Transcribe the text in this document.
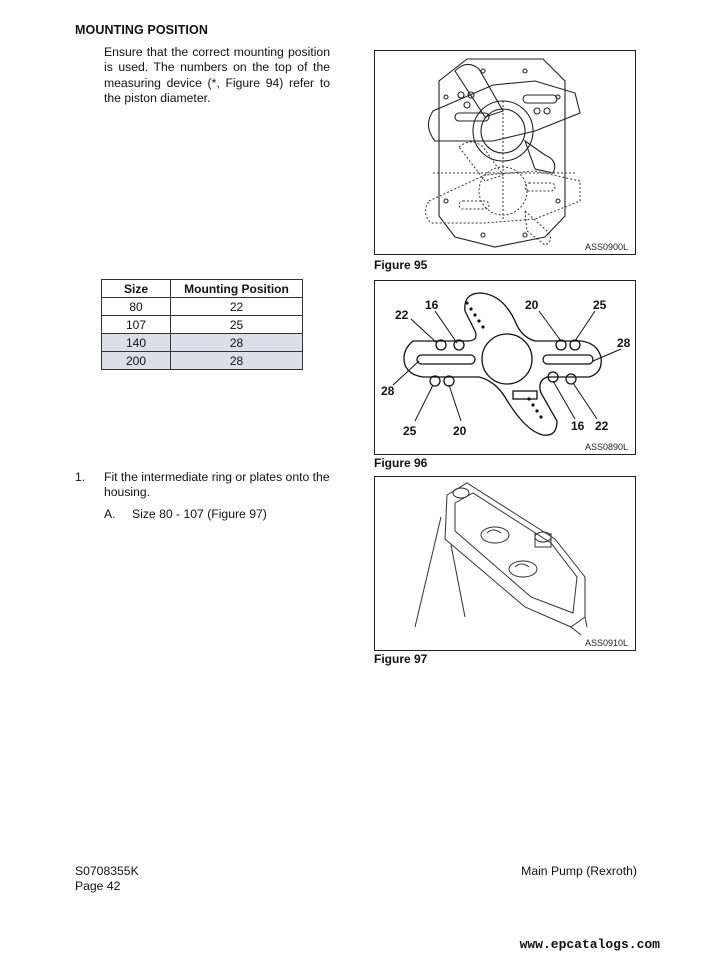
MOUNTING POSITION
Ensure that the correct mounting position is used. The numbers on the top of the measuring device (*, Figure 94) refer to the piston diameter.
Size	Mounting Position
80	22
107	25
140	28
200	28
1. Fit the intermediate ring or plates onto the housing.
A. Size 80 - 107 (Figure 97)
ASS0900L
Figure 95
22
16	20	25
28
28
25	20	16 22
ASS0890L
Figure 96
ASS0910L
Figure 97
S0708355K
Page 42
Main Pump (Rexroth)
www.epcatalogs.com
